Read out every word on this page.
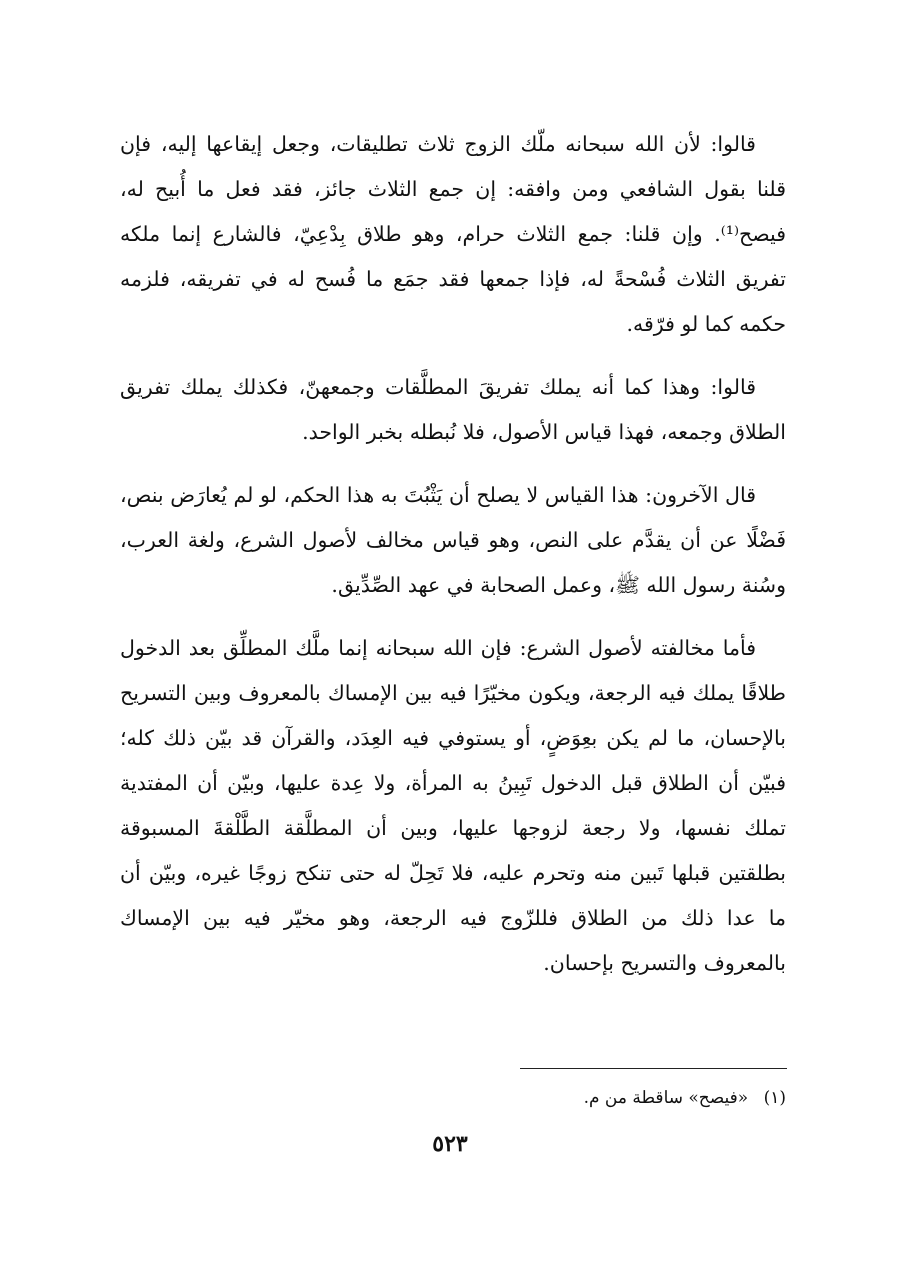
قالوا: لأن الله سبحانه ملّك الزوج ثلاث تطليقات، وجعل إيقاعها إليه، فإن قلنا بقول الشافعي ومن وافقه: إن جمع الثلاث جائز، فقد فعل ما أُبيح له، فيصح⁽¹⁾. وإن قلنا: جمع الثلاث حرام، وهو طلاق بِدْعِيّ، فالشارع إنما ملكه تفريق الثلاث فُسْحةً له، فإذا جمعها فقد جمَع ما فُسح له في تفريقه، فلزمه حكمه كما لو فرّقه.

قالوا: وهذا كما أنه يملك تفريقَ المطلَّقات وجمعهنّ، فكذلك يملك تفريق الطلاق وجمعه، فهذا قياس الأصول، فلا نُبطله بخبر الواحد.

قال الآخرون: هذا القياس لا يصلح أن يَثْبُتَ به هذا الحكم، لو لم يُعارَض بنص، فَضْلًا عن أن يقدَّم على النص، وهو قياس مخالف لأصول الشرع، ولغة العرب، وسُنة رسول الله ﷺ، وعمل الصحابة في عهد الصِّدِّيق.

فأما مخالفته لأصول الشرع: فإن الله سبحانه إنما ملَّك المطلِّق بعد الدخول طلاقًا يملك فيه الرجعة، ويكون مخيّرًا فيه بين الإمساك بالمعروف وبين التسريح بالإحسان، ما لم يكن بعِوَضٍ، أو يستوفي فيه العِدَد، والقرآن قد بيّن ذلك كله؛ فبيّن أن الطلاق قبل الدخول تَبِينُ به المرأة، ولا عِدة عليها، وبيّن أن المفتدية تملك نفسها، ولا رجعة لزوجها عليها، وبين أن المطلَّقة الطَّلْقةَ المسبوقة بطلقتين قبلها تَبين منه وتحرم عليه، فلا تَحِلّ له حتى تنكح زوجًا غيره، وبيّن أن ما عدا ذلك من الطلاق فللزّوج فيه الرجعة، وهو مخيّر فيه بين الإمساك بالمعروف والتسريح بإحسان.

(١) «فيصح» ساقطة من م.
٥٢٣
